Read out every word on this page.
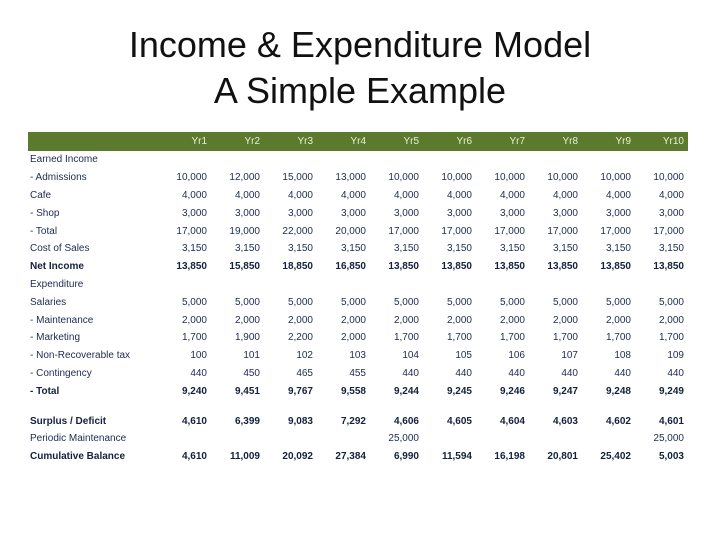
Income & Expenditure Model
A Simple Example
	Yr1	Yr2	Yr3	Yr4	Yr5	Yr6	Yr7	Yr8	Yr9	Yr10
Earned Income										
- Admissions	10,000	12,000	15,000	13,000	10,000	10,000	10,000	10,000	10,000	10,000
Cafe	4,000	4,000	4,000	4,000	4,000	4,000	4,000	4,000	4,000	4,000
- Shop	3,000	3,000	3,000	3,000	3,000	3,000	3,000	3,000	3,000	3,000
- Total	17,000	19,000	22,000	20,000	17,000	17,000	17,000	17,000	17,000	17,000
Cost of Sales	3,150	3,150	3,150	3,150	3,150	3,150	3,150	3,150	3,150	3,150
Net Income	13,850	15,850	18,850	16,850	13,850	13,850	13,850	13,850	13,850	13,850
Expenditure										
Salaries	5,000	5,000	5,000	5,000	5,000	5,000	5,000	5,000	5,000	5,000
- Maintenance	2,000	2,000	2,000	2,000	2,000	2,000	2,000	2,000	2,000	2,000
- Marketing	1,700	1,900	2,200	2,000	1,700	1,700	1,700	1,700	1,700	1,700
- Non-Recoverable tax	100	101	102	103	104	105	106	107	108	109
- Contingency	440	450	465	455	440	440	440	440	440	440
- Total	9,240	9,451	9,767	9,558	9,244	9,245	9,246	9,247	9,248	9,249

Surplus / Deficit	4,610	6,399	9,083	7,292	4,606	4,605	4,604	4,603	4,602	4,601
Periodic Maintenance					25,000					25,000
Cumulative Balance	4,610	11,009	20,092	27,384	6,990	11,594	16,198	20,801	25,402	5,003
